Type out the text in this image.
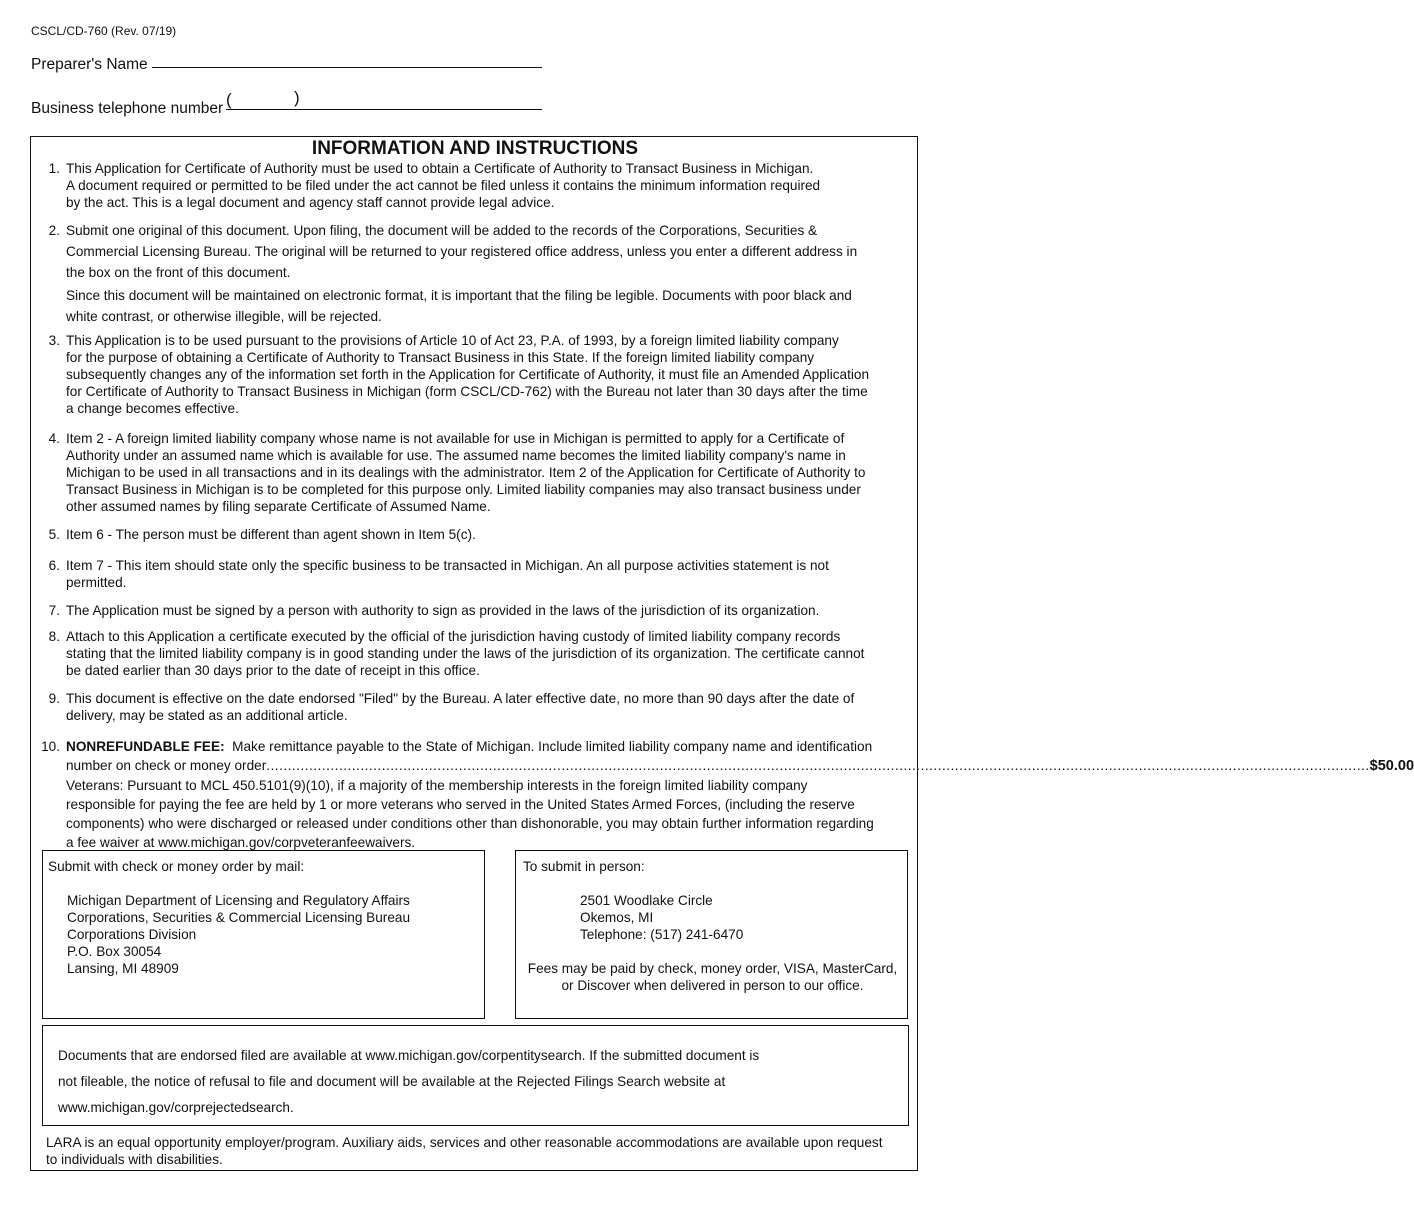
CSCL/CD-760 (Rev. 07/19)
Preparer's Name
Business telephone number (	)
INFORMATION AND INSTRUCTIONS
1. This Application for Certificate of Authority must be used to obtain a Certificate of Authority to Transact Business in Michigan.

A document required or permitted to be filed under the act cannot be filed unless it contains the minimum information required

by the act. This is a legal document and agency staff cannot provide legal advice.

2. Submit one original of this document. Upon filing, the document will be added to the records of the Corporations, Securities &

Commercial Licensing Bureau. The original will be returned to your registered office address, unless you enter a different address in

the box on the front of this document.

Since this document will be maintained on electronic format, it is important that the filing be legible. Documents with poor black and

white contrast, or otherwise illegible, will be rejected.

3. This Application is to be used pursuant to the provisions of Article 10 of Act 23, P.A. of 1993, by a foreign limited liability company

for the purpose of obtaining a Certificate of Authority to Transact Business in this State. If the foreign limited liability company

subsequently changes any of the information set forth in the Application for Certificate of Authority, it must file an Amended Application

for Certificate of Authority to Transact Business in Michigan (form CSCL/CD-762) with the Bureau not later than 30 days after the time

a change becomes effective.

4. Item 2 - A foreign limited liability company whose name is not available for use in Michigan is permitted to apply for a Certificate of

Authority under an assumed name which is available for use. The assumed name becomes the limited liability company's name in

Michigan to be used in all transactions and in its dealings with the administrator. Item 2 of the Application for Certificate of Authority to

Transact Business in Michigan is to be completed for this purpose only. Limited liability companies may also transact business under

other assumed names by filing separate Certificate of Assumed Name.

5. Item 6 - The person must be different than agent shown in Item 5(c).

6. Item 7 - This item should state only the specific business to be transacted in Michigan. An all purpose activities statement is not

permitted.

7. The Application must be signed by a person with authority to sign as provided in the laws of the jurisdiction of its organization.

8. Attach to this Application a certificate executed by the official of the jurisdiction having custody of limited liability company records

stating that the limited liability company is in good standing under the laws of the jurisdiction of its organization. The certificate cannot

be dated earlier than 30 days prior to the date of receipt in this office.

9. This document is effective on the date endorsed "Filed" by the Bureau. A later effective date, no more than 90 days after the date of

delivery, may be stated as an additional article.

10. NONREFUNDABLE FEE: Make remittance payable to the State of Michigan. Include limited liability company name and identification

number on check or money order .................................................................................................................................................................................................................................................................. $50.00

Veterans: Pursuant to MCL 450.5101(9)(10), if a majority of the membership interests in the foreign limited liability company

responsible for paying the fee are held by 1 or more veterans who served in the United States Armed Forces, (including the reserve

components) who were discharged or released under conditions other than dishonorable, you may obtain further information regarding

a fee waiver at www.michigan.gov/corpveteranfeewaivers.

Submit with check or money order by mail:
Michigan Department of Licensing and Regulatory Affairs
Corporations, Securities & Commercial Licensing Bureau
Corporations Division
P.O. Box 30054
Lansing, MI 48909
To submit in person:
2501 Woodlake Circle
Okemos, MI
Telephone: (517) 241-6470
Fees may be paid by check, money order, VISA, MasterCard,
or Discover when delivered in person to our office.
Documents that are endorsed filed are available at www.michigan.gov/corpentitysearch. If the submitted document is
not fileable, the notice of refusal to file and document will be available at the Rejected Filings Search website at
www.michigan.gov/corprejectedsearch.
LARA is an equal opportunity employer/program. Auxiliary aids, services and other reasonable accommodations are available upon request
to individuals with disabilities.
